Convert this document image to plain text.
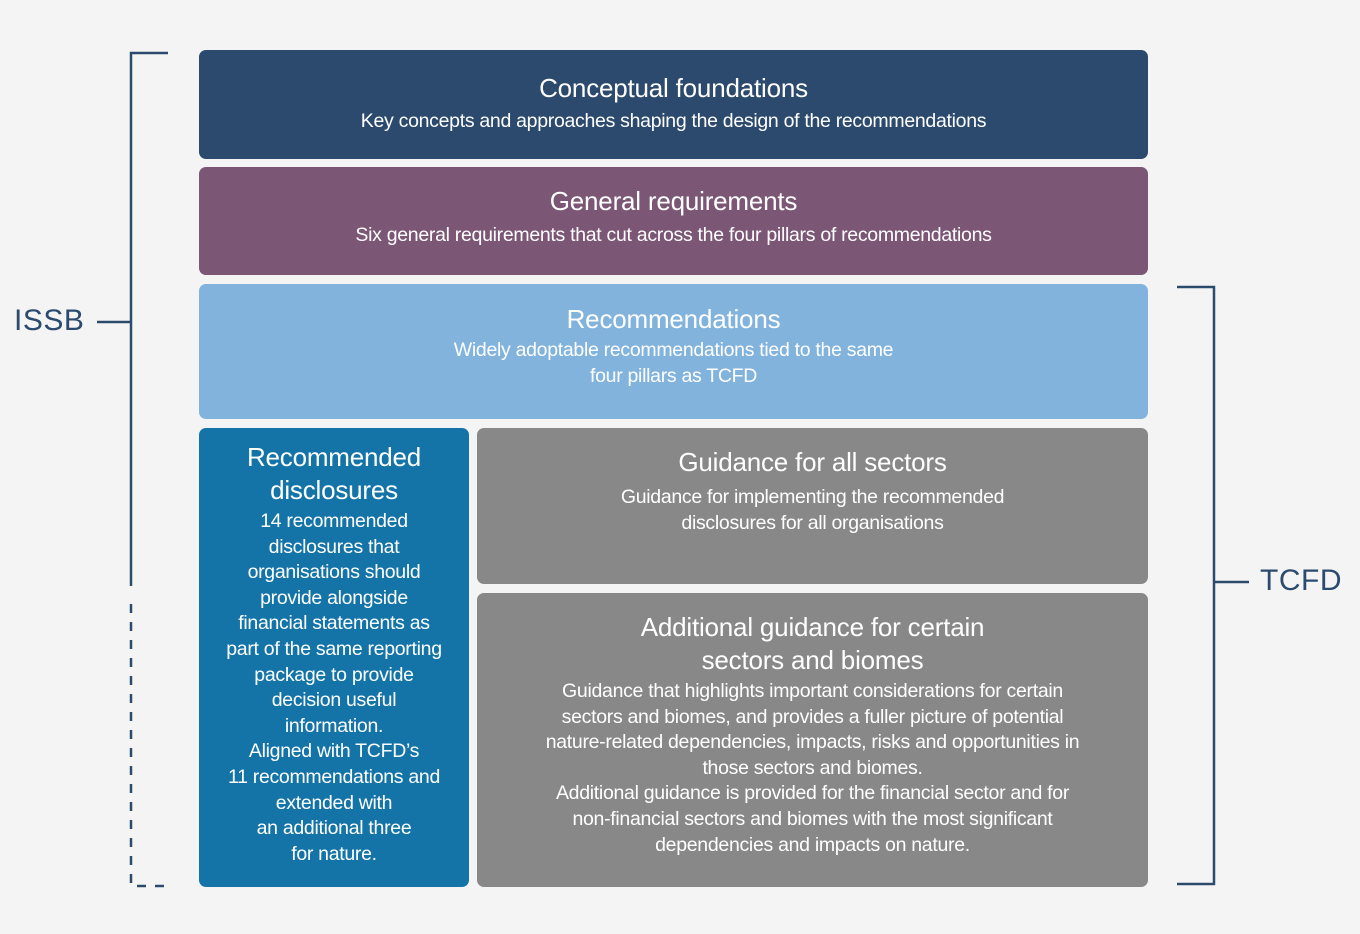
ISSB
TCFD
Conceptual foundations
Key concepts and approaches shaping the design of the recommendations
General requirements
Six general requirements that cut across the four pillars of recommendations
Recommendations
Widely adoptable recommendations tied to the same
four pillars as TCFD
Recommended
disclosures
14 recommended
disclosures that
organisations should
provide alongside
financial statements as
part of the same reporting
package to provide
decision useful
information.
Aligned with TCFD’s
11 recommendations and
extended with
an additional three
for nature.
Guidance for all sectors
Guidance for implementing the recommended
disclosures for all organisations
Additional guidance for certain
sectors and biomes
Guidance that highlights important considerations for certain
sectors and biomes, and provides a fuller picture of potential
nature-related dependencies, impacts, risks and opportunities in
those sectors and biomes.
Additional guidance is provided for the financial sector and for
non-financial sectors and biomes with the most significant
dependencies and impacts on nature.
